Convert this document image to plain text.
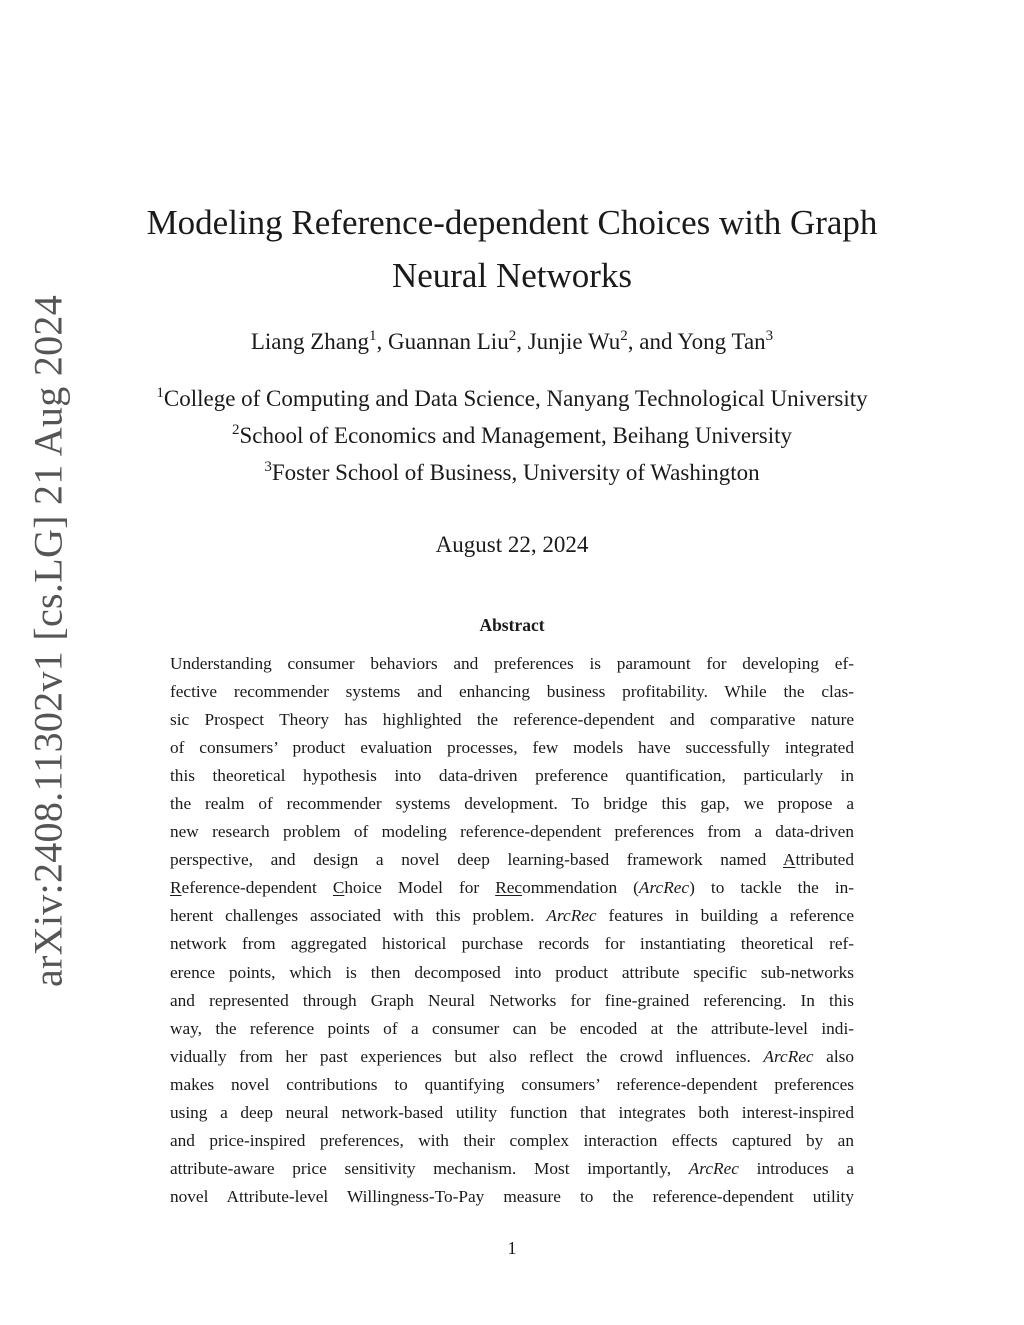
arXiv:2408.11302v1 [cs.LG] 21 Aug 2024
Modeling Reference-dependent Choices with Graph
Neural Networks
Liang Zhang$^1$, Guannan Liu$^2$, Junjie Wu$^2$, and Yong Tan$^3$
$^1$College of Computing and Data Science, Nanyang Technological University
$^2$School of Economics and Management, Beihang University
$^3$Foster School of Business, University of Washington
August 22, 2024
Abstract
Understanding consumer behaviors and preferences is paramount for developing ef-
fective recommender systems and enhancing business profitability. While the clas-
sic Prospect Theory has highlighted the reference-dependent and comparative nature
of consumers’ product evaluation processes, few models have successfully integrated
this theoretical hypothesis into data-driven preference quantification, particularly in
the realm of recommender systems development. To bridge this gap, we propose a
new research problem of modeling reference-dependent preferences from a data-driven
perspective, and design a novel deep learning-based framework named Attributed
Reference-dependent Choice Model for Recommendation (ArcRec) to tackle the in-
herent challenges associated with this problem. ArcRec features in building a reference
network from aggregated historical purchase records for instantiating theoretical ref-
erence points, which is then decomposed into product attribute specific sub-networks
and represented through Graph Neural Networks for fine-grained referencing. In this
way, the reference points of a consumer can be encoded at the attribute-level indi-
vidually from her past experiences but also reflect the crowd influences. ArcRec also
makes novel contributions to quantifying consumers’ reference-dependent preferences
using a deep neural network-based utility function that integrates both interest-inspired
and price-inspired preferences, with their complex interaction effects captured by an
attribute-aware price sensitivity mechanism. Most importantly, ArcRec introduces a
novel Attribute-level Willingness-To-Pay measure to the reference-dependent utility
1
